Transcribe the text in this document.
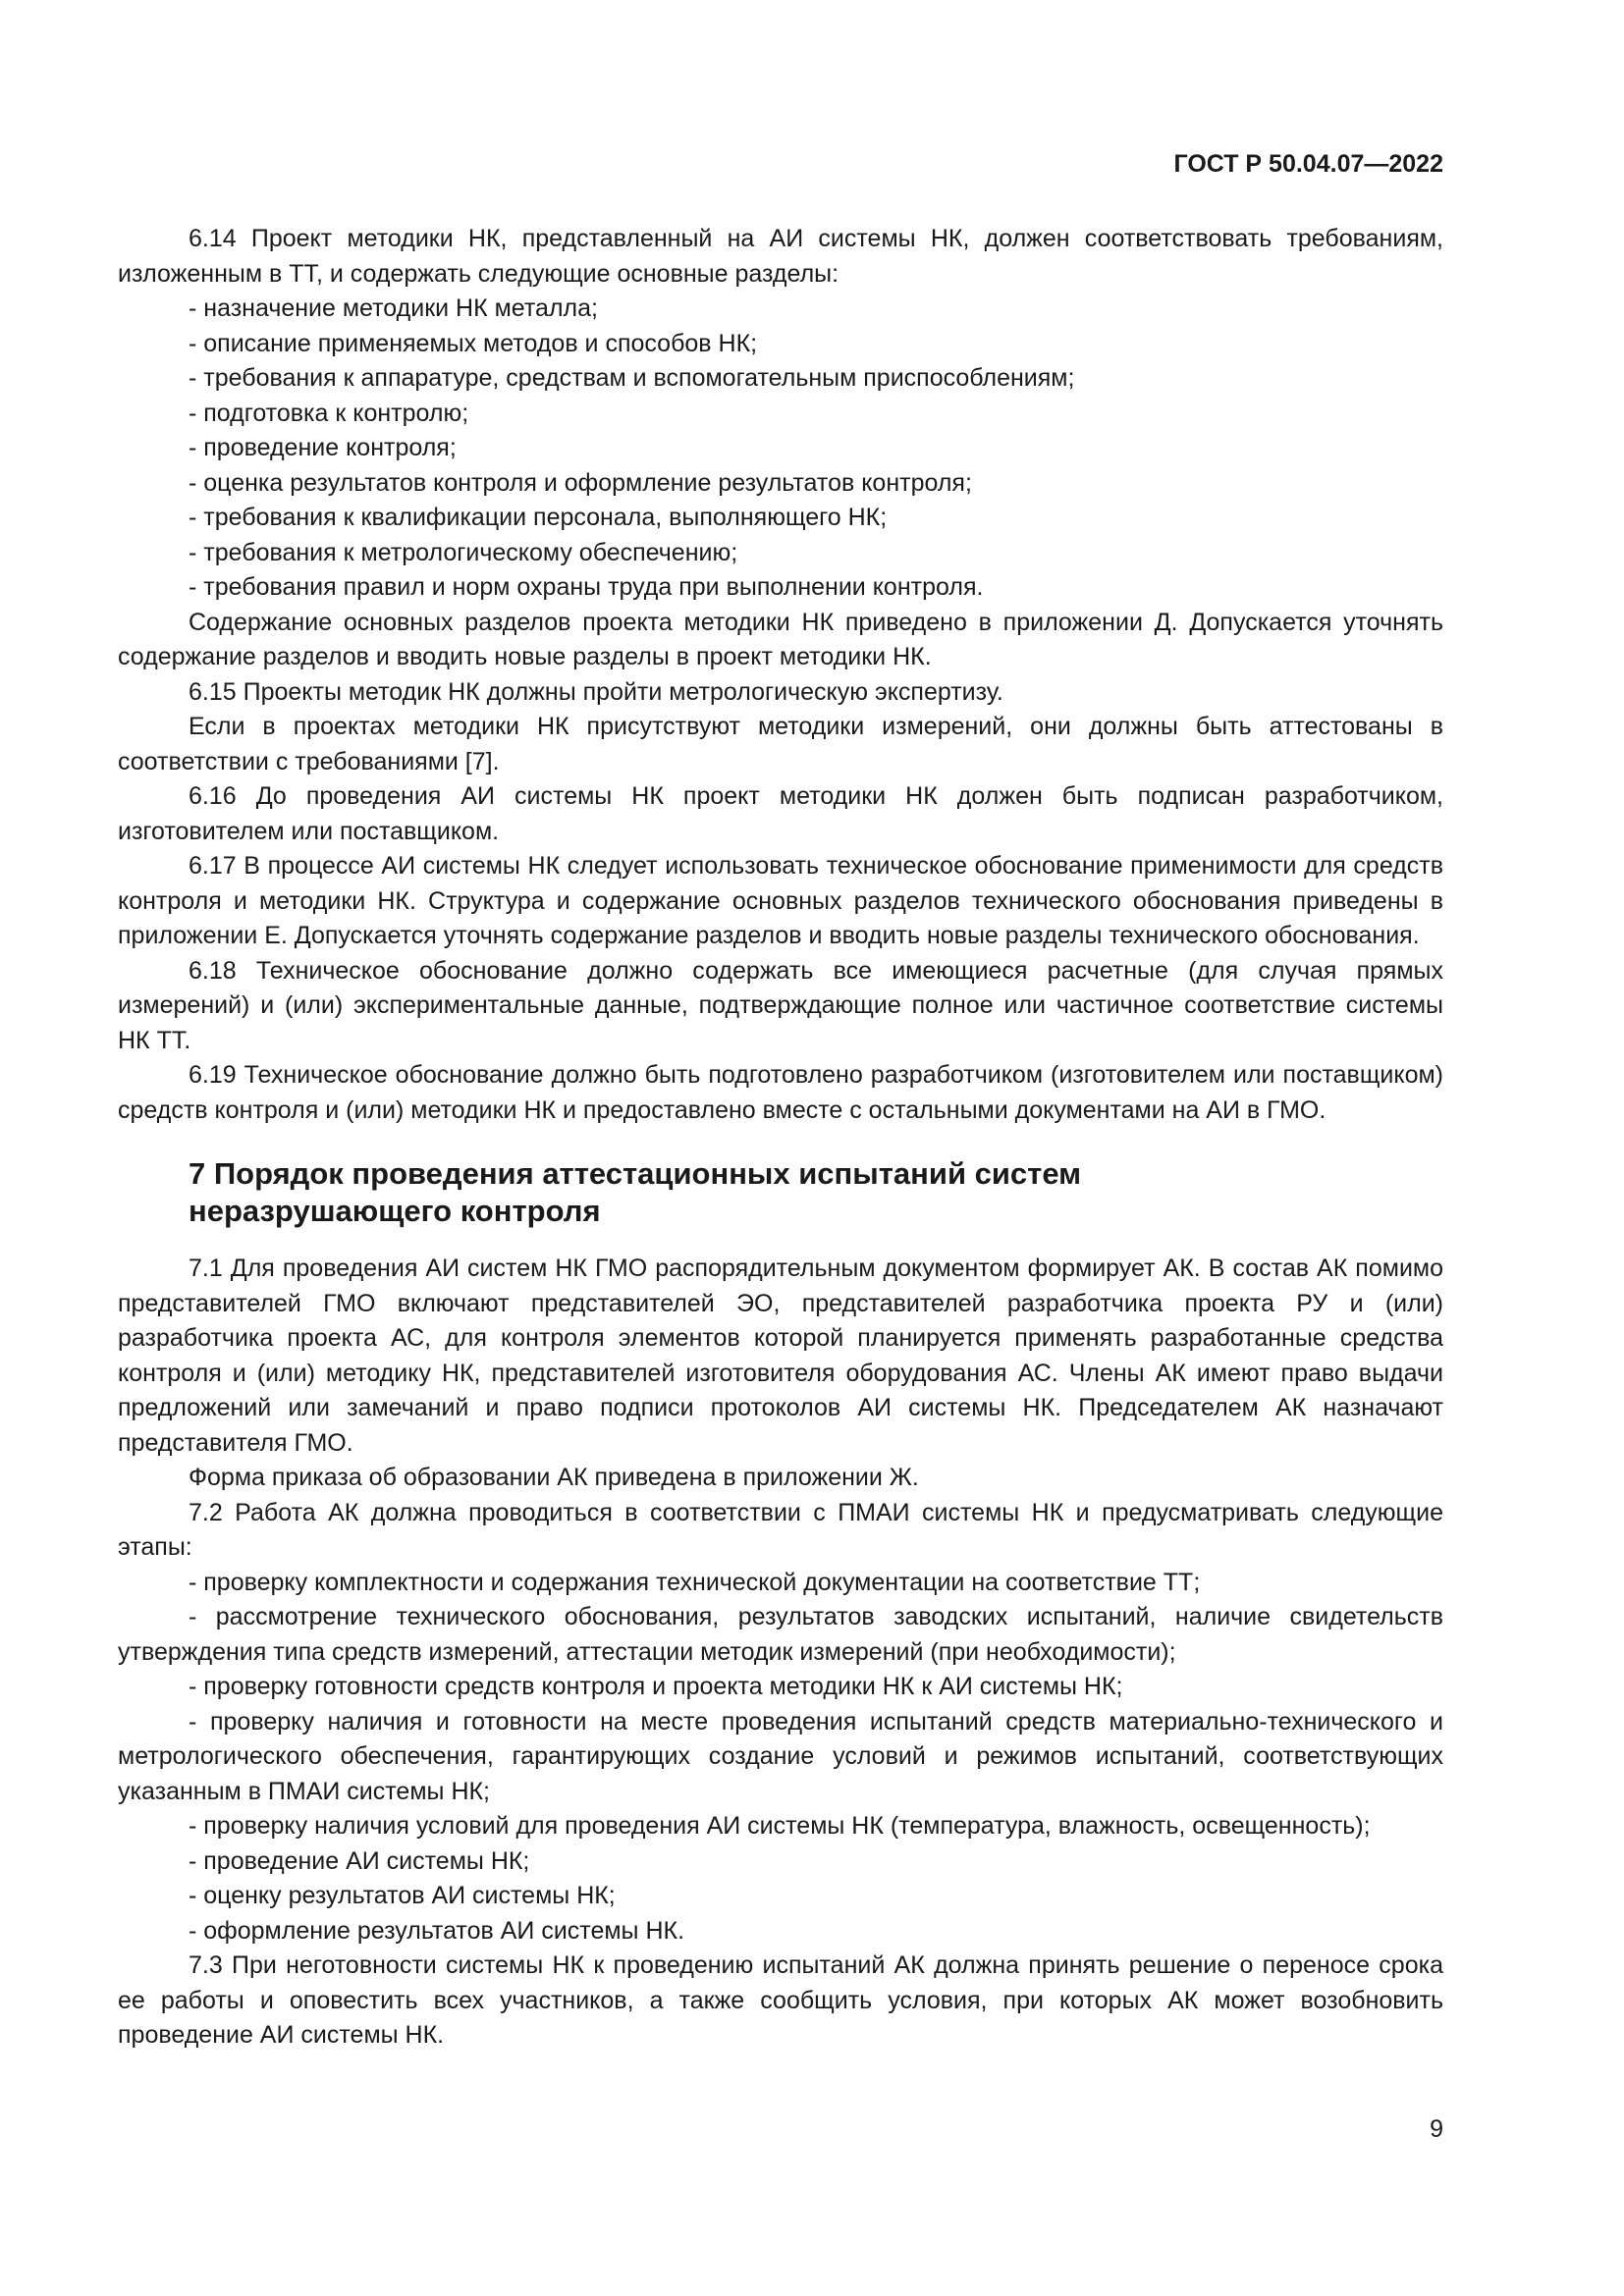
ГОСТ Р 50.04.07—2022

6.14 Проект методики НК, представленный на АИ системы НК, должен соответствовать требованиям, изложенным в ТТ, и содержать следующие основные разделы:

- назначение методики НК металла;

- описание применяемых методов и способов НК;

- требования к аппаратуре, средствам и вспомогательным приспособлениям;

- подготовка к контролю;

- проведение контроля;

- оценка результатов контроля и оформление результатов контроля;

- требования к квалификации персонала, выполняющего НК;

- требования к метрологическому обеспечению;

- требования правил и норм охраны труда при выполнении контроля.

Содержание основных разделов проекта методики НК приведено в приложении Д. Допускается уточнять содержание разделов и вводить новые разделы в проект методики НК.

6.15 Проекты методик НК должны пройти метрологическую экспертизу.

Если в проектах методики НК присутствуют методики измерений, они должны быть аттестованы в соответствии с требованиями [7].

6.16 До проведения АИ системы НК проект методики НК должен быть подписан разработчиком, изготовителем или поставщиком.

6.17 В процессе АИ системы НК следует использовать техническое обоснование применимости для средств контроля и методики НК. Структура и содержание основных разделов технического обоснования приведены в приложении Е. Допускается уточнять содержание разделов и вводить новые разделы технического обоснования.

6.18 Техническое обоснование должно содержать все имеющиеся расчетные (для случая прямых измерений) и (или) экспериментальные данные, подтверждающие полное или частичное соответствие системы НК ТТ.

6.19 Техническое обоснование должно быть подготовлено разработчиком (изготовителем или поставщиком) средств контроля и (или) методики НК и предоставлено вместе с остальными документами на АИ в ГМО.

7 Порядок проведения аттестационных испытаний систем
неразрушающего контроля

7.1 Для проведения АИ систем НК ГМО распорядительным документом формирует АК. В состав АК помимо представителей ГМО включают представителей ЭО, представителей разработчика проекта РУ и (или) разработчика проекта АС, для контроля элементов которой планируется применять разработанные средства контроля и (или) методику НК, представителей изготовителя оборудования АС. Члены АК имеют право выдачи предложений или замечаний и право подписи протоколов АИ системы НК. Председателем АК назначают представителя ГМО.

Форма приказа об образовании АК приведена в приложении Ж.

7.2 Работа АК должна проводиться в соответствии с ПМАИ системы НК и предусматривать следующие этапы:

- проверку комплектности и содержания технической документации на соответствие ТТ;

- рассмотрение технического обоснования, результатов заводских испытаний, наличие свидетельств утверждения типа средств измерений, аттестации методик измерений (при необходимости);

- проверку готовности средств контроля и проекта методики НК к АИ системы НК;

- проверку наличия и готовности на месте проведения испытаний средств материально-технического и метрологического обеспечения, гарантирующих создание условий и режимов испытаний, соответствующих указанным в ПМАИ системы НК;

- проверку наличия условий для проведения АИ системы НК (температура, влажность, освещенность);

- проведение АИ системы НК;

- оценку результатов АИ системы НК;

- оформление результатов АИ системы НК.

7.3 При неготовности системы НК к проведению испытаний АК должна принять решение о переносе срока ее работы и оповестить всех участников, а также сообщить условия, при которых АК может возобновить проведение АИ системы НК.

9
